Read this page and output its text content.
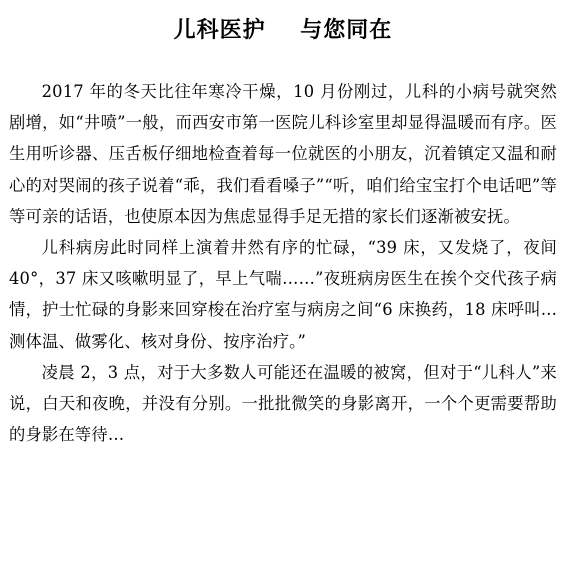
儿科医护    与您同在

2017 年的冬天比往年寒冷干燥，10 月份刚过，儿科的小病号就突然剧增，如“井喷”一般，而西安市第一医院儿科诊室里却显得温暖而有序。医生用听诊器、压舌板仔细地检查着每一位就医的小朋友，沉着镇定又温和耐心的对哭闹的孩子说着“乖，我们看看嗓子”“听，咱们给宝宝打个电话吧”等等可亲的话语，也使原本因为焦虑显得手足无措的家长们逐渐被安抚。

儿科病房此时同样上演着井然有序的忙碌，“39 床，又发烧了，夜间 40°，37 床又咳嗽明显了，早上气喘……”夜班病房医生在挨个交代孩子病情，护士忙碌的身影来回穿梭在治疗室与病房之间“6 床换药，18 床呼叫...测体温、做雾化、核对身份、按序治疗。”

凌晨 2，3 点，对于大多数人可能还在温暖的被窝，但对于“儿科人”来说，白天和夜晚，并没有分别。一批批微笑的身影离开，一个个更需要帮助的身影在等待…
